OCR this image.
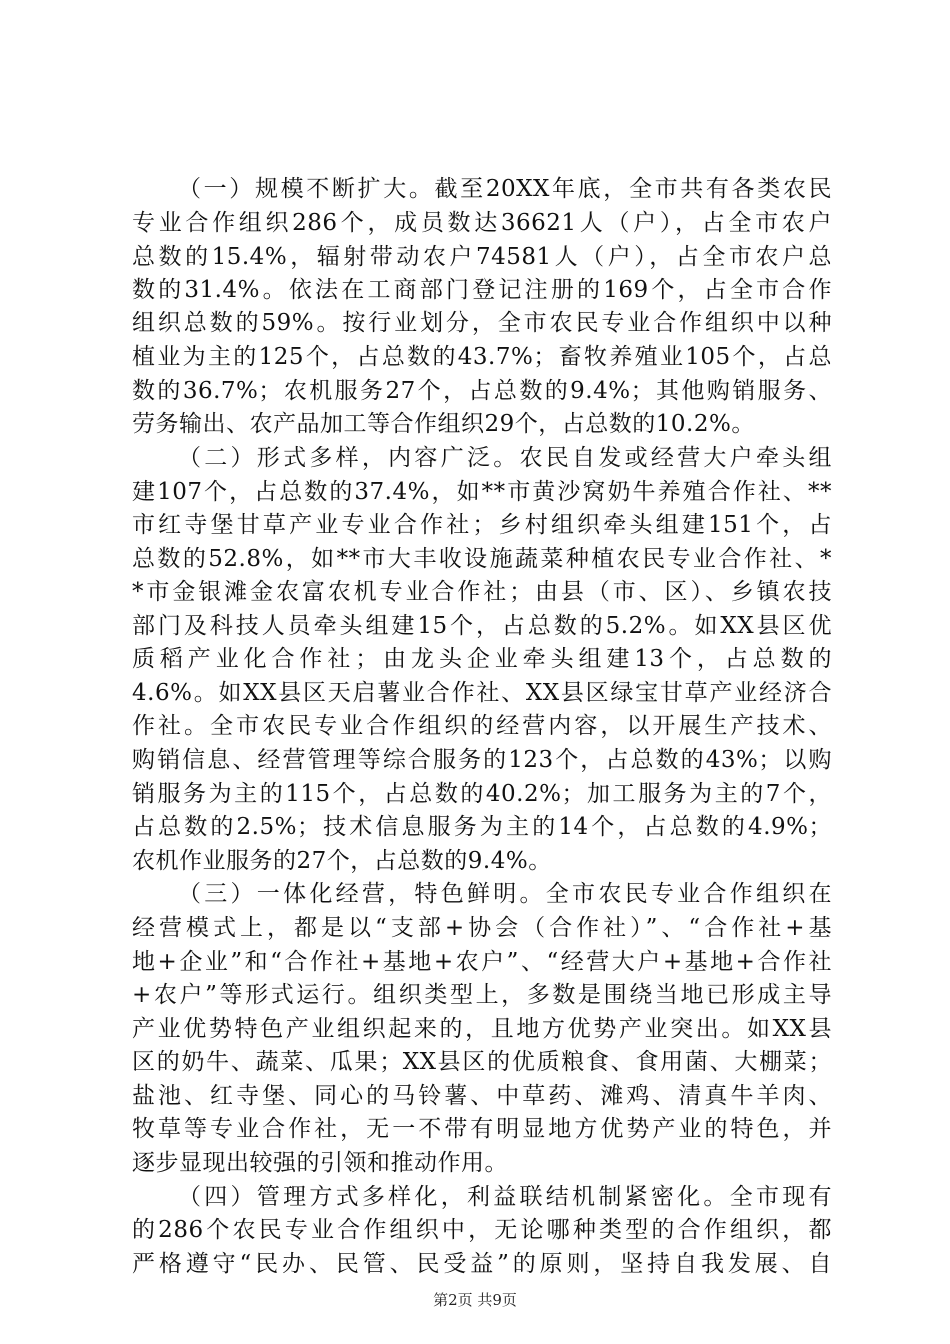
（一）规模不断扩大。截至20XX年底，全市共有各类农民
专业合作组织286个，成员数达36621人（户），占全市农户
总数的15.4%，辐射带动农户74581人（户），占全市农户总
数的31.4%。依法在工商部门登记注册的169个，占全市合作
组织总数的59%。按行业划分，全市农民专业合作组织中以种
植业为主的125个，占总数的43.7%；畜牧养殖业105个，占总
数的36.7%；农机服务27个，占总数的9.4%；其他购销服务、
劳务输出、农产品加工等合作组织29个，占总数的10.2%。
（二）形式多样，内容广泛。农民自发或经营大户牵头组
建107个，占总数的37.4%，如**市黄沙窝奶牛养殖合作社、**
市红寺堡甘草产业专业合作社；乡村组织牵头组建151个，占
总数的52.8%，如**市大丰收设施蔬菜种植农民专业合作社、*
*市金银滩金农富农机专业合作社；由县（市、区）、乡镇农技
部门及科技人员牵头组建15个，占总数的5.2%。如XX县区优
质稻产业化合作社；由龙头企业牵头组建13个，占总数的
4.6%。如XX县区天启薯业合作社、XX县区绿宝甘草产业经济合
作社。全市农民专业合作组织的经营内容，以开展生产技术、
购销信息、经营管理等综合服务的123个，占总数的43%；以购
销服务为主的115个，占总数的40.2%；加工服务为主的7个，
占总数的2.5%；技术信息服务为主的14个，占总数的4.9%；
农机作业服务的27个，占总数的9.4%。
（三）一体化经营，特色鲜明。全市农民专业合作组织在
经营模式上，都是以“支部+协会（合作社）”、“合作社+基
地+企业”和“合作社+基地+农户”、“经营大户+基地+合作社
+农户”等形式运行。组织类型上，多数是围绕当地已形成主导
产业优势特色产业组织起来的，且地方优势产业突出。如XX县
区的奶牛、蔬菜、瓜果；XX县区的优质粮食、食用菌、大棚菜；
盐池、红寺堡、同心的马铃薯、中草药、滩鸡、清真牛羊肉、
牧草等专业合作社，无一不带有明显地方优势产业的特色，并
逐步显现出较强的引领和推动作用。
（四）管理方式多样化，利益联结机制紧密化。全市现有
的286个农民专业合作组织中，无论哪种类型的合作组织，都
严格遵守“民办、民管、民受益”的原则，坚持自我发展、自
第2页 共9页
